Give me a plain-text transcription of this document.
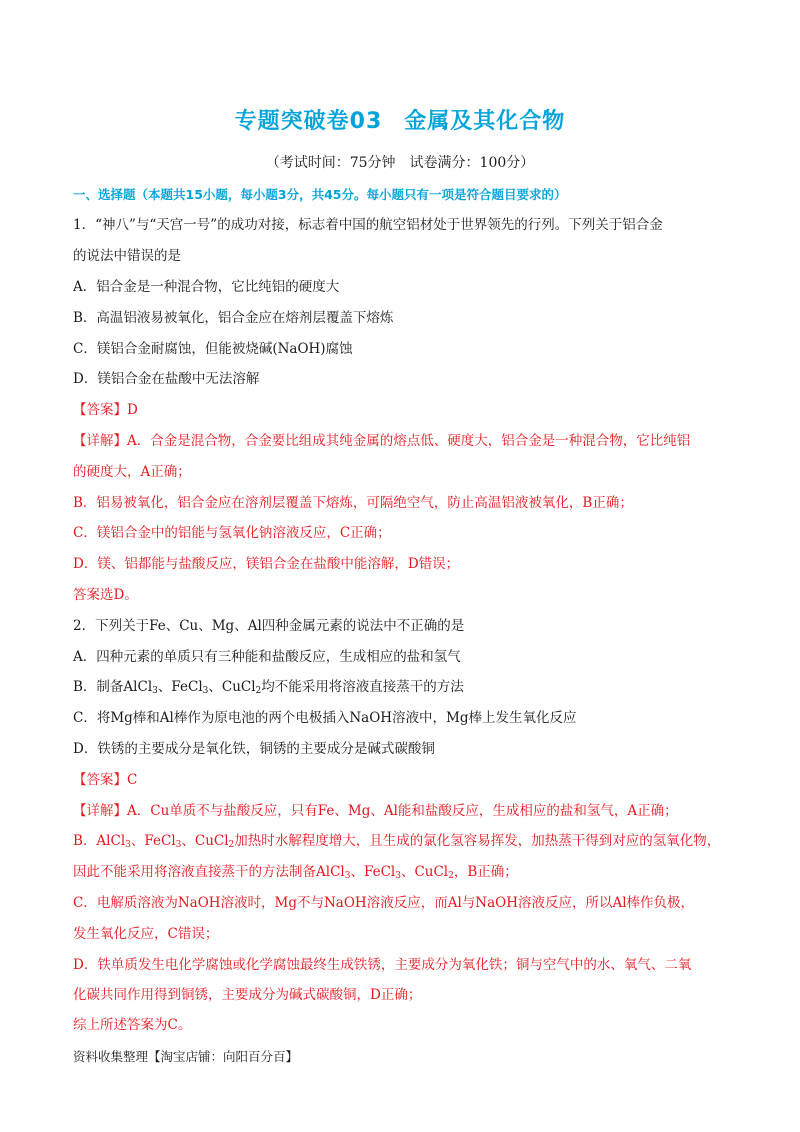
专题突破卷03 金属及其化合物
（考试时间：75分钟　试卷满分：100分）
一、选择题（本题共15小题，每小题3分，共45分。每小题只有一项是符合题目要求的）
1．“神八”与“天宫一号”的成功对接，标志着中国的航空铝材处于世界领先的行列。下列关于铝合金
的说法中错误的是
A．铝合金是一种混合物，它比纯铝的硬度大
B．高温铝液易被氧化，铝合金应在熔剂层覆盖下熔炼
C．镁铝合金耐腐蚀，但能被烧碱(NaOH)腐蚀
D．镁铝合金在盐酸中无法溶解
【答案】D
【详解】A．合金是混合物，合金要比组成其纯金属的熔点低、硬度大，铝合金是一种混合物，它比纯铝
的硬度大，A正确；
B．铝易被氧化，铝合金应在溶剂层覆盖下熔炼，可隔绝空气，防止高温铝液被氧化，B正确；
C．镁铝合金中的铝能与氢氧化钠溶液反应，C正确；
D．镁、铝都能与盐酸反应，镁铝合金在盐酸中能溶解，D错误；
答案选D。
2．下列关于Fe、Cu、Mg、Al四种金属元素的说法中不正确的是
A．四种元素的单质只有三种能和盐酸反应，生成相应的盐和氢气
B．制备AlCl$_3$、FeCl$_3$、CuCl$_2$均不能采用将溶液直接蒸干的方法
C．将Mg棒和Al棒作为原电池的两个电极插入NaOH溶液中，Mg棒上发生氧化反应
D．铁锈的主要成分是氧化铁，铜锈的主要成分是碱式碳酸铜
【答案】C
【详解】A．Cu单质不与盐酸反应，只有Fe、Mg、Al能和盐酸反应，生成相应的盐和氢气，A正确；
B．AlCl$_3$、FeCl$_3$、CuCl$_2$加热时水解程度增大，且生成的氯化氢容易挥发，加热蒸干得到对应的氢氧化物，
因此不能采用将溶液直接蒸干的方法制备AlCl$_3$、FeCl$_3$、CuCl$_2$，B正确；
C．电解质溶液为NaOH溶液时，Mg不与NaOH溶液反应，而Al与NaOH溶液反应，所以Al棒作负极，
发生氧化反应，C错误；
D．铁单质发生电化学腐蚀或化学腐蚀最终生成铁锈，主要成分为氧化铁；铜与空气中的水、氧气、二氧
化碳共同作用得到铜锈，主要成分为碱式碳酸铜，D正确；
综上所述答案为C。
资料收集整理【淘宝店铺：向阳百分百】
